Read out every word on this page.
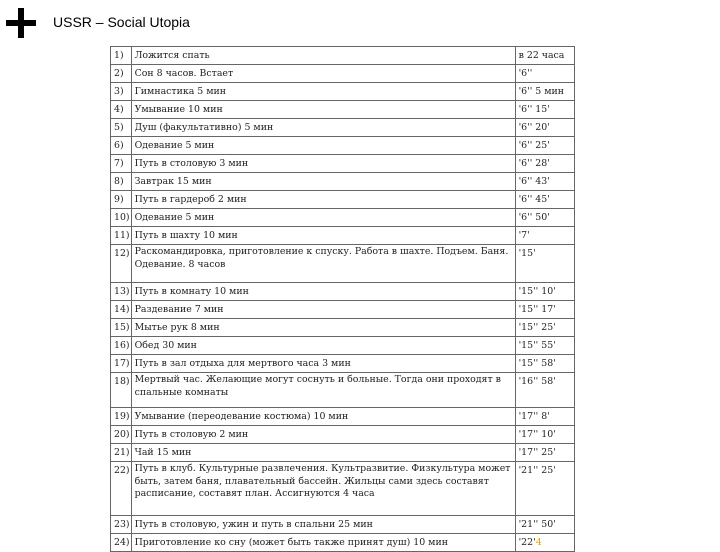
USSR – Social Utopia
1)	Ложится спать	в 22 часа
2)	Сон 8 часов. Встает	'6''
3)	Гимнастика 5 мин	'6'' 5 мин
4)	Умывание 10 мин	'6'' 15'
5)	Душ (факультативно) 5 мин	'6'' 20'
6)	Одевание 5 мин	'6'' 25'
7)	Путь в столовую 3 мин	'6'' 28'
8)	Завтрак 15 мин	'6'' 43'
9)	Путь в гардероб 2 мин	'6'' 45'
10)	Одевание 5 мин	'6'' 50'
11)	Путь в шахту 10 мин	'7'
12)	Раскомандировка, приготовление к спуску. Работа в шахте. Подъем. Баня. Одевание. 8 часов	'15'
13)	Путь в комнату 10 мин	'15'' 10'
14)	Раздевание 7 мин	'15'' 17'
15)	Мытье рук 8 мин	'15'' 25'
16)	Обед 30 мин	'15'' 55'
17)	Путь в зал отдыха для мертвого часа 3 мин	'15'' 58'
18)	Мертвый час. Желающие могут соснуть и больные. Тогда они проходят в спальные комнаты	'16'' 58'
19)	Умывание (переодевание костюма) 10 мин	'17'' 8'
20)	Путь в столовую 2 мин	'17'' 10'
21)	Чай 15 мин	'17'' 25'
22)	Путь в клуб. Культурные развлечения. Культразвитие. Физкультура может быть, затем баня, плавательный бассейн. Жильцы сами здесь составят расписание, составят план. Ассигнуются 4 часа	'21'' 25'
23)	Путь в столовую, ужин и путь в спальни 25 мин	'21'' 50'
24)	Приготовление ко сну (может быть также принят душ) 10 мин	'22'4
